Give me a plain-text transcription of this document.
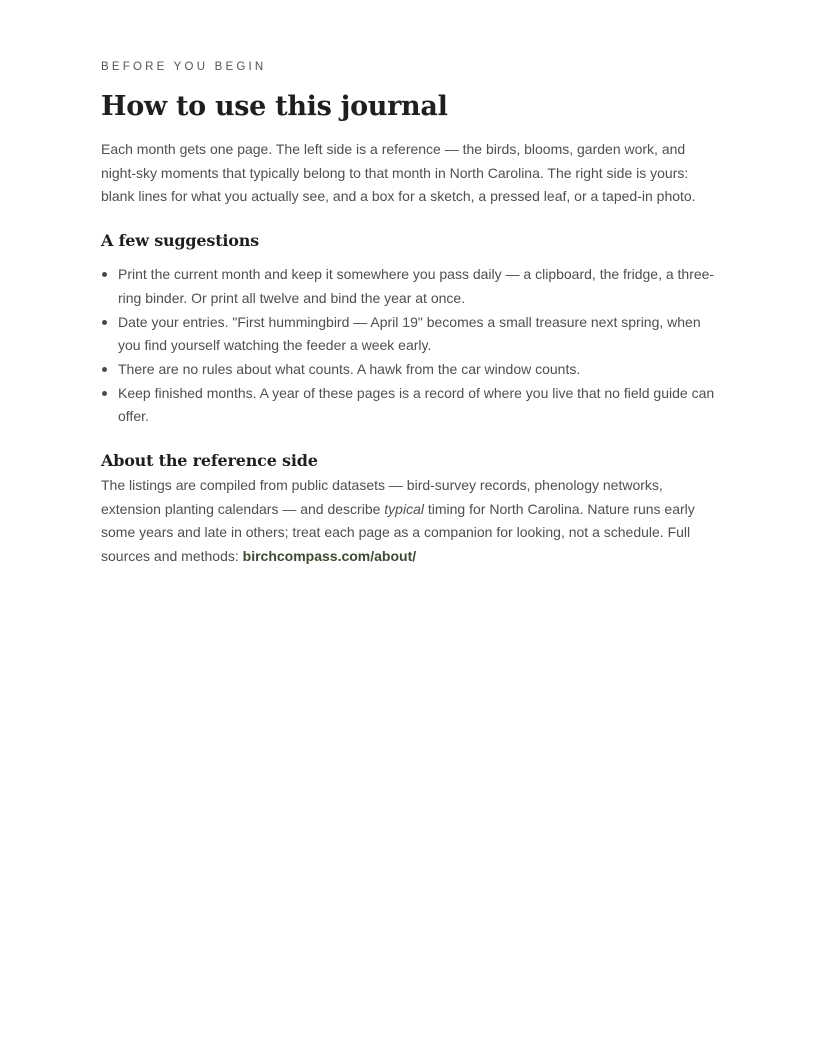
BEFORE YOU BEGIN

How to use this journal

Each month gets one page. The left side is a reference — the birds, blooms, garden work, and night-sky moments that typically belong to that month in North Carolina. The right side is yours: blank lines for what you actually see, and a box for a sketch, a pressed leaf, or a taped-in photo.

A few suggestions
Print the current month and keep it somewhere you pass daily — a clipboard, the fridge, a three-ring binder. Or print all twelve and bind the year at once.
Date your entries. "First hummingbird — April 19" becomes a small treasure next spring, when you find yourself watching the feeder a week early.
There are no rules about what counts. A hawk from the car window counts.
Keep finished months. A year of these pages is a record of where you live that no field guide can offer.
About the reference side

The listings are compiled from public datasets — bird-survey records, phenology networks, extension planting calendars — and describe typical timing for North Carolina. Nature runs early some years and late in others; treat each page as a companion for looking, not a schedule. Full sources and methods: birchcompass.com/about/
